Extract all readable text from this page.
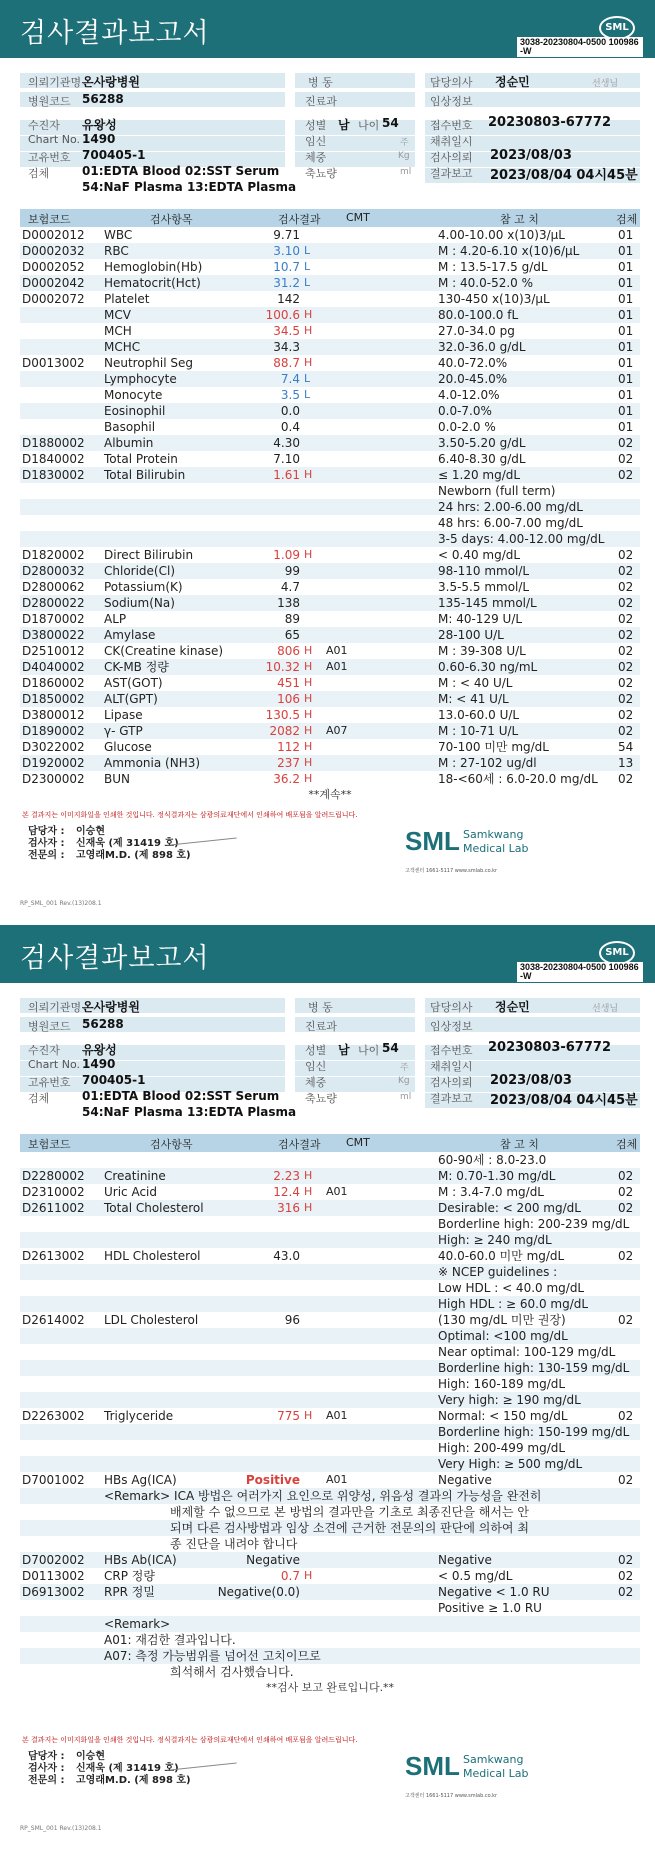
검사결과보고서	SML
3038-20230804-0500 100986-W
의뢰기관명 온사랑병원
병원코드 56288
수진자 유왕성
Chart No. 1490
고유번호 700405-1
검체	01:EDTA Blood 02:SST Serum
54:NaF Plasma 13:EDTA Plasma
병 동
진료과
성별 남 나이 54
임신	주
체중	Kg
축뇨량	ml
담당의사 정순민	선생님
임상정보
접수번호 20230803-67772
채취일시
검사의뢰 2023/08/03
결과보고 2023/08/04 04시45분
보험코드	검사항목	검사결과 CMT	참 고 치	검체
D0002012 WBC	9.71	4.00-10.00 x(10)3/μL	01
D0002032 RBC	3.10 L	M : 4.20-6.10 x(10)6/μL	01
D0002052 Hemoglobin(Hb)	10.7 L	M : 13.5-17.5 g/dL	01
D0002042 Hematocrit(Hct)	31.2 L	M : 40.0-52.0 %	01
D0002072 Platelet	142	130-450 x(10)3/μL	01
MCV	100.6 H	80.0-100.0 fL	01
MCH	34.5 H	27.0-34.0 pg	01
MCHC	34.3	32.0-36.0 g/dL	01
D0013002 Neutrophil Seg	88.7 H	40.0-72.0%	01
Lymphocyte	7.4 L	20.0-45.0%	01
Monocyte	3.5 L	4.0-12.0%	01
Eosinophil	0.0	0.0-7.0%	01
Basophil	0.4	0.0-2.0 %	01
D1880002 Albumin	4.30	3.50-5.20 g/dL	02
D1840002 Total Protein	7.10	6.40-8.30 g/dL	02
D1830002 Total Bilirubin	1.61 H	≤ 1.20 mg/dL	02
Newborn (full term)
24 hrs: 2.00-6.00 mg/dL
48 hrs: 6.00-7.00 mg/dL
3-5 days: 4.00-12.00 mg/dL
D1820002 Direct Bilirubin	1.09 H	< 0.40 mg/dL	02
D2800032 Chloride(Cl)	99	98-110 mmol/L	02
D2800062 Potassium(K)	4.7	3.5-5.5 mmol/L	02
D2800022 Sodium(Na)	138	135-145 mmol/L	02
D1870002 ALP	89	M: 40-129 U/L	02
D3800022 Amylase	65	28-100 U/L	02
D2510012 CK(Creatine kinase)	806 H A01	M : 39-308 U/L	02
D4040002 CK-MB 정량	10.32 H A01	0.60-6.30 ng/mL	02
D1860002 AST(GOT)	451 H	M : < 40 U/L	02
D1850002 ALT(GPT)	106 H	M: < 41 U/L	02
D3800012 Lipase	130.5 H	13.0-60.0 U/L	02
D1890002 γ- GTP	2082 H A07	M : 10-71 U/L	02
D3022002 Glucose	112 H	70-100 미만 mg/dL	54
D1920002 Ammonia (NH3)	237 H	M : 27-102 ug/dl	13
D2300002 BUN	36.2 H	18-<60세 : 6.0-20.0 mg/dL 02
**계속**
본 결과지는 이미지화일을 인쇄한 것입니다. 정식결과지는 삼광의료재단에서 인쇄하여 배포됨을 알려드립니다.
담당자 : 이승현
검사자 : 신재욱 (제 31419 호)
전문의 : 고영래M.D. (제 898 호)	SML Samkwang
Medical Lab
고객센터 1661-5117 www.smlab.co.kr
RP_SML_001 Rev.(13)208.1
검사결과보고서	SML
3038-20230804-0500 100986-W
의뢰기관명 온사랑병원
병원코드 56288
수진자 유왕성
Chart No. 1490
고유번호 700405-1
검체	01:EDTA Blood 02:SST Serum
54:NaF Plasma 13:EDTA Plasma
병 동
진료과
성별 남 나이 54
임신	주
체중	Kg
축뇨량	ml
담당의사 정순민	선생님
임상정보
접수번호 20230803-67772
채취일시
검사의뢰 2023/08/03
결과보고 2023/08/04 04시45분
보험코드	검사항목	검사결과 CMT	참 고 치	검체
60-90세 : 8.0-23.0
D2280002 Creatinine	2.23 H	M: 0.70-1.30 mg/dL	02
D2310002 Uric Acid	12.4 H A01	M : 3.4-7.0 mg/dL	02
D2611002 Total Cholesterol	316 H	Desirable: < 200 mg/dL	02
Borderline high: 200-239 mg/dL
High: ≥ 240 mg/dL
D2613002 HDL Cholesterol	43.0	40.0-60.0 미만 mg/dL	02
※ NCEP guidelines :
Low HDL : < 40.0 mg/dL
High HDL : ≥ 60.0 mg/dL
D2614002 LDL Cholesterol	96	(130 mg/dL 미만 권장)	02
Optimal: <100 mg/dL
Near optimal: 100-129 mg/dL
Borderline high: 130-159 mg/dL
High: 160-189 mg/dL
Very high: ≥ 190 mg/dL
D2263002 Triglyceride	775 H A01	Normal: < 150 mg/dL	02
Borderline high: 150-199 mg/dL
High: 200-499 mg/dL
Very High: ≥ 500 mg/dL
D7001002 HBs Ag(ICA)	Positive A01	Negative	02
<Remark> ICA 방법은 여러가지 요인으로 위양성, 위음성 결과의 가능성을 완전히
배제할 수 없으므로 본 방법의 결과만을 기초로 최종진단을 해서는 안
되며 다른 검사방법과 임상 소견에 근거한 전문의의 판단에 의하여 최
종 진단을 내려야 합니다
D7002002 HBs Ab(ICA)	Negative	Negative	02
D0113002 CRP 정량	0.7 H	< 0.5 mg/dL	02
D6913002 RPR 정밀	Negative(0.0)	Negative < 1.0 RU	02
Positive ≥ 1.0 RU
<Remark>
A01: 재검한 결과입니다.
A07: 측정 가능범위를 넘어선 고치이므로
희석해서 검사했습니다.
**검사 보고 완료입니다.**
본 결과지는 이미지화일을 인쇄한 것입니다. 정식결과지는 삼광의료재단에서 인쇄하여 배포됨을 알려드립니다.
담당자 : 이승현
검사자 : 신재욱 (제 31419 호)
전문의 : 고영래M.D. (제 898 호)	SML Samkwang
Medical Lab
고객센터 1661-5117 www.smlab.co.kr
RP_SML_001 Rev.(13)208.1
